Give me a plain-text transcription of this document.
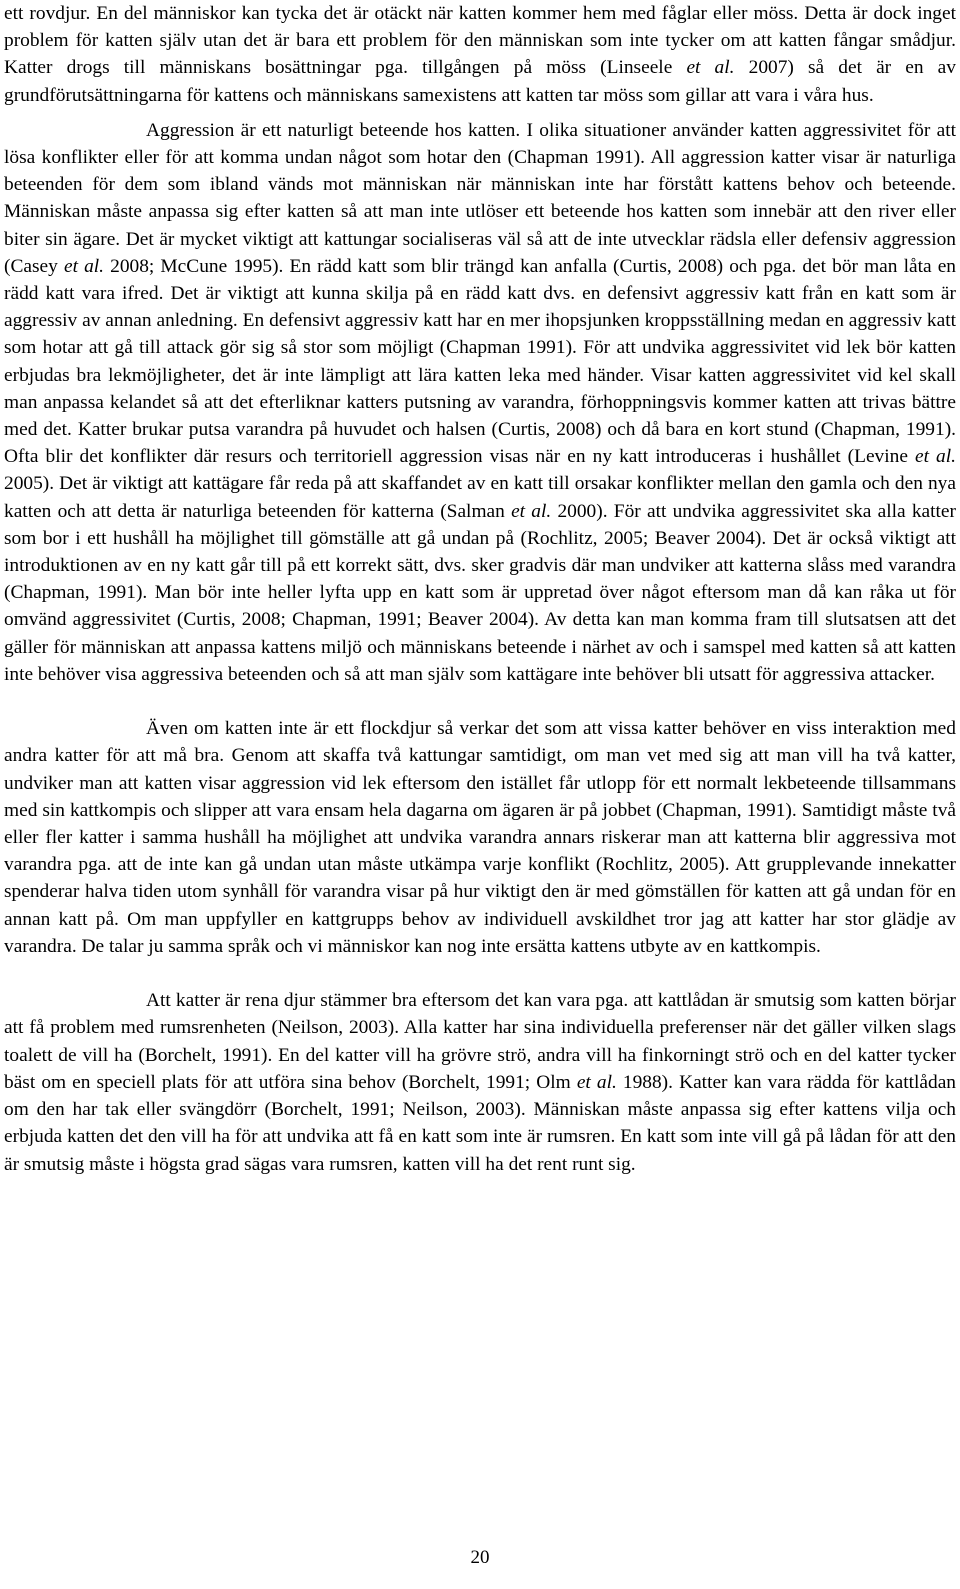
ett rovdjur. En del människor kan tycka det är otäckt när katten kommer hem med fåglar eller möss. Detta är dock inget problem för katten själv utan det är bara ett problem för den människan som inte tycker om att katten fångar smådjur. Katter drogs till människans bosättningar pga. tillgången på möss (Linseele et al. 2007) så det är en av grundförutsättningarna för kattens och människans samexistens att katten tar möss som gillar att vara i våra hus.

Aggression är ett naturligt beteende hos katten. I olika situationer använder katten aggressivitet för att lösa konflikter eller för att komma undan något som hotar den (Chapman 1991). All aggression katter visar är naturliga beteenden för dem som ibland vänds mot människan när människan inte har förstått kattens behov och beteende. Människan måste anpassa sig efter katten så att man inte utlöser ett beteende hos katten som innebär att den river eller biter sin ägare. Det är mycket viktigt att kattungar socialiseras väl så att de inte utvecklar rädsla eller defensiv aggression (Casey et al. 2008; McCune 1995). En rädd katt som blir trängd kan anfalla (Curtis, 2008) och pga. det bör man låta en rädd katt vara ifred. Det är viktigt att kunna skilja på en rädd katt dvs. en defensivt aggressiv katt från en katt som är aggressiv av annan anledning. En defensivt aggressiv katt har en mer ihopsjunken kroppsställning medan en aggressiv katt som hotar att gå till attack gör sig så stor som möjligt (Chapman 1991). För att undvika aggressivitet vid lek bör katten erbjudas bra lekmöjligheter, det är inte lämpligt att lära katten leka med händer. Visar katten aggressivitet vid kel skall man anpassa kelandet så att det efterliknar katters putsning av varandra, förhoppningsvis kommer katten att trivas bättre med det. Katter brukar putsa varandra på huvudet och halsen (Curtis, 2008) och då bara en kort stund (Chapman, 1991). Ofta blir det konflikter där resurs och territoriell aggression visas när en ny katt introduceras i hushållet (Levine et al. 2005). Det är viktigt att kattägare får reda på att skaffandet av en katt till orsakar konflikter mellan den gamla och den nya katten och att detta är naturliga beteenden för katterna (Salman et al. 2000). För att undvika aggressivitet ska alla katter som bor i ett hushåll ha möjlighet till gömställe att gå undan på (Rochlitz, 2005; Beaver 2004). Det är också viktigt att introduktionen av en ny katt går till på ett korrekt sätt, dvs. sker gradvis där man undviker att katterna slåss med varandra (Chapman, 1991). Man bör inte heller lyfta upp en katt som är uppretad över något eftersom man då kan råka ut för omvänd aggressivitet (Curtis, 2008; Chapman, 1991; Beaver 2004). Av detta kan man komma fram till slutsatsen att det gäller för människan att anpassa kattens miljö och människans beteende i närhet av och i samspel med katten så att katten inte behöver visa aggressiva beteenden och så att man själv som kattägare inte behöver bli utsatt för aggressiva attacker.

Även om katten inte är ett flockdjur så verkar det som att vissa katter behöver en viss interaktion med andra katter för att må bra. Genom att skaffa två kattungar samtidigt, om man vet med sig att man vill ha två katter, undviker man att katten visar aggression vid lek eftersom den istället får utlopp för ett normalt lekbeteende tillsammans med sin kattkompis och slipper att vara ensam hela dagarna om ägaren är på jobbet (Chapman, 1991). Samtidigt måste två eller fler katter i samma hushåll ha möjlighet att undvika varandra annars riskerar man att katterna blir aggressiva mot varandra pga. att de inte kan gå undan utan måste utkämpa varje konflikt (Rochlitz, 2005). Att grupplevande innekatter spenderar halva tiden utom synhåll för varandra visar på hur viktigt den är med gömställen för katten att gå undan för en annan katt på. Om man uppfyller en kattgrupps behov av individuell avskildhet tror jag att katter har stor glädje av varandra. De talar ju samma språk och vi människor kan nog inte ersätta kattens utbyte av en kattkompis.

Att katter är rena djur stämmer bra eftersom det kan vara pga. att kattlådan är smutsig som katten börjar att få problem med rumsrenheten (Neilson, 2003). Alla katter har sina individuella preferenser när det gäller vilken slags toalett de vill ha (Borchelt, 1991). En del katter vill ha grövre strö, andra vill ha finkorningt strö och en del katter tycker bäst om en speciell plats för att utföra sina behov (Borchelt, 1991; Olm et al. 1988). Katter kan vara rädda för kattlådan om den har tak eller svängdörr (Borchelt, 1991; Neilson, 2003). Människan måste anpassa sig efter kattens vilja och erbjuda katten det den vill ha för att undvika att få en katt som inte är rumsren. En katt som inte vill gå på lådan för att den är smutsig måste i högsta grad sägas vara rumsren, katten vill ha det rent runt sig.

20
